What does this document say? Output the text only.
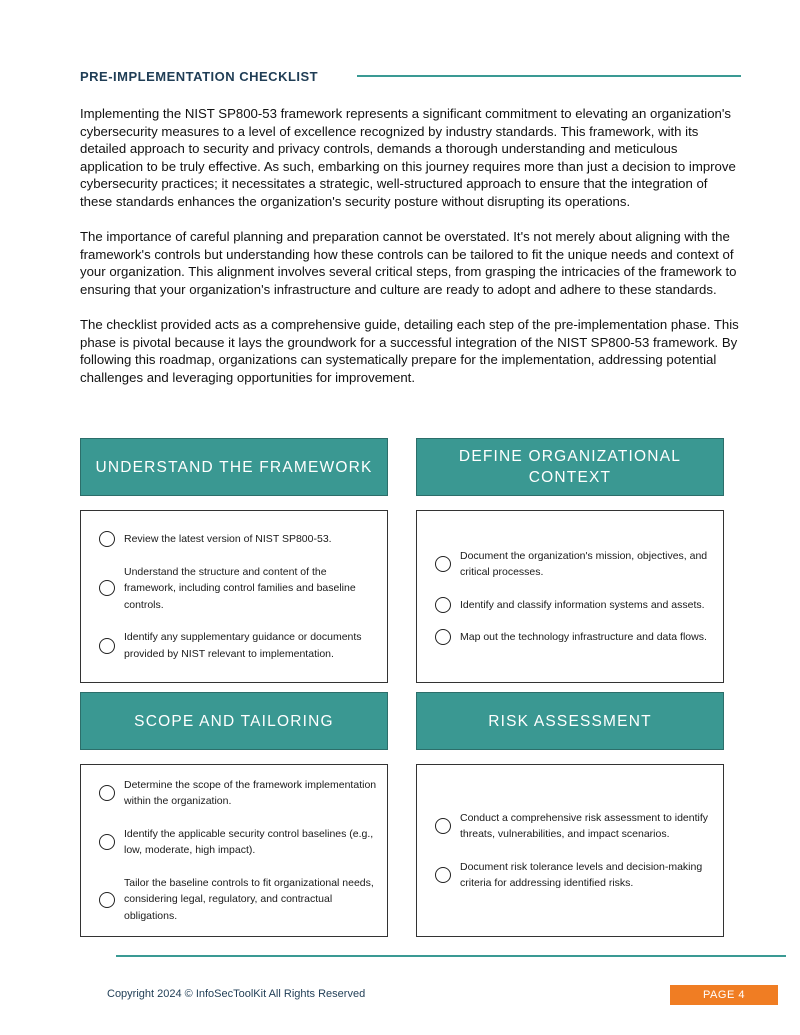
PRE-IMPLEMENTATION CHECKLIST

Implementing the NIST SP800-53 framework represents a significant commitment to elevating an organization's cybersecurity measures to a level of excellence recognized by industry standards. This framework, with its detailed approach to security and privacy controls, demands a thorough understanding and meticulous application to be truly effective. As such, embarking on this journey requires more than just a decision to improve cybersecurity practices; it necessitates a strategic, well-structured approach to ensure that the integration of these standards enhances the organization's security posture without disrupting its operations.

The importance of careful planning and preparation cannot be overstated. It's not merely about aligning with the framework's controls but understanding how these controls can be tailored to fit the unique needs and context of your organization. This alignment involves several critical steps, from grasping the intricacies of the framework to ensuring that your organization's infrastructure and culture are ready to adopt and adhere to these standards.

The checklist provided acts as a comprehensive guide, detailing each step of the pre-implementation phase. This phase is pivotal because it lays the groundwork for a successful integration of the NIST SP800-53 framework. By following this roadmap, organizations can systematically prepare for the implementation, addressing potential challenges and leveraging opportunities for improvement.

UNDERSTAND THE FRAMEWORK
Review the latest version of NIST SP800-53.
Understand the structure and content of the framework, including control families and baseline controls.
Identify any supplementary guidance or documents provided by NIST relevant to implementation.
DEFINE ORGANIZATIONAL CONTEXT
Document the organization's mission, objectives, and critical processes.
Identify and classify information systems and assets.
Map out the technology infrastructure and data flows.
SCOPE AND TAILORING
Determine the scope of the framework implementation within the organization.
Identify the applicable security control baselines (e.g., low, moderate, high impact).
Tailor the baseline controls to fit organizational needs, considering legal, regulatory, and contractual obligations.
RISK ASSESSMENT
Conduct a comprehensive risk assessment to identify threats, vulnerabilities, and impact scenarios.
Document risk tolerance levels and decision-making criteria for addressing identified risks.
Copyright 2024 © InfoSecToolKit All Rights Reserved	PAGE 4
